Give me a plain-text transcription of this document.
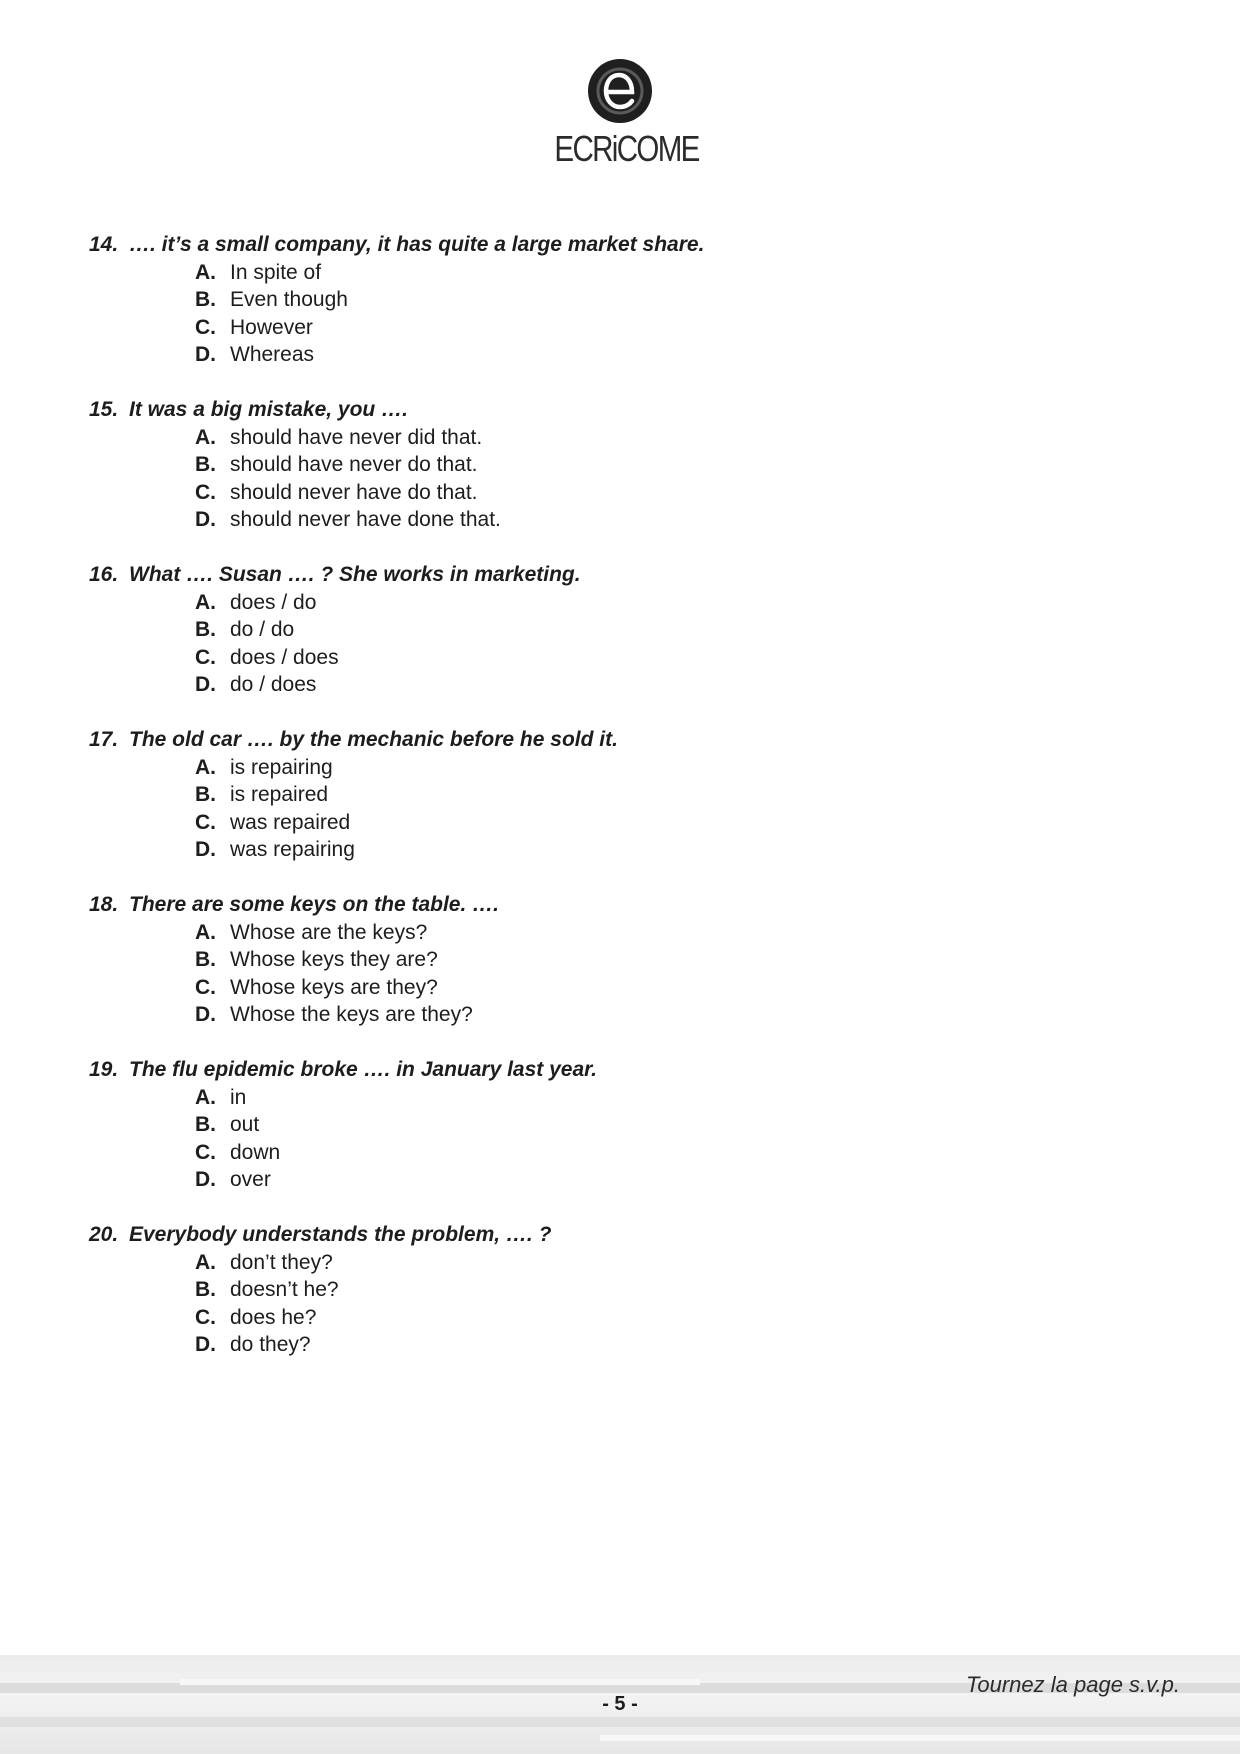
ECRiCOME
14. …. it’s a small company, it has quite a large market share.
A. In spite of
B. Even though
C. However
D. Whereas
15. It was a big mistake, you ….
A. should have never did that.
B. should have never do that.
C. should never have do that.
D. should never have done that.
16. What …. Susan …. ? She works in marketing.
A. does / do
B. do / do
C. does / does
D. do / does
17. The old car …. by the mechanic before he sold it.
A. is repairing
B. is repaired
C. was repaired
D. was repairing
18. There are some keys on the table. ….
A. Whose are the keys?
B. Whose keys they are?
C. Whose keys are they?
D. Whose the keys are they?
19. The flu epidemic broke …. in January last year.
A. in
B. out
C. down
D. over
20. Everybody understands the problem, …. ?
A. don’t they?
B. doesn’t he?
C. does he?
D. do they?
Tournez la page s.v.p.
- 5 -
